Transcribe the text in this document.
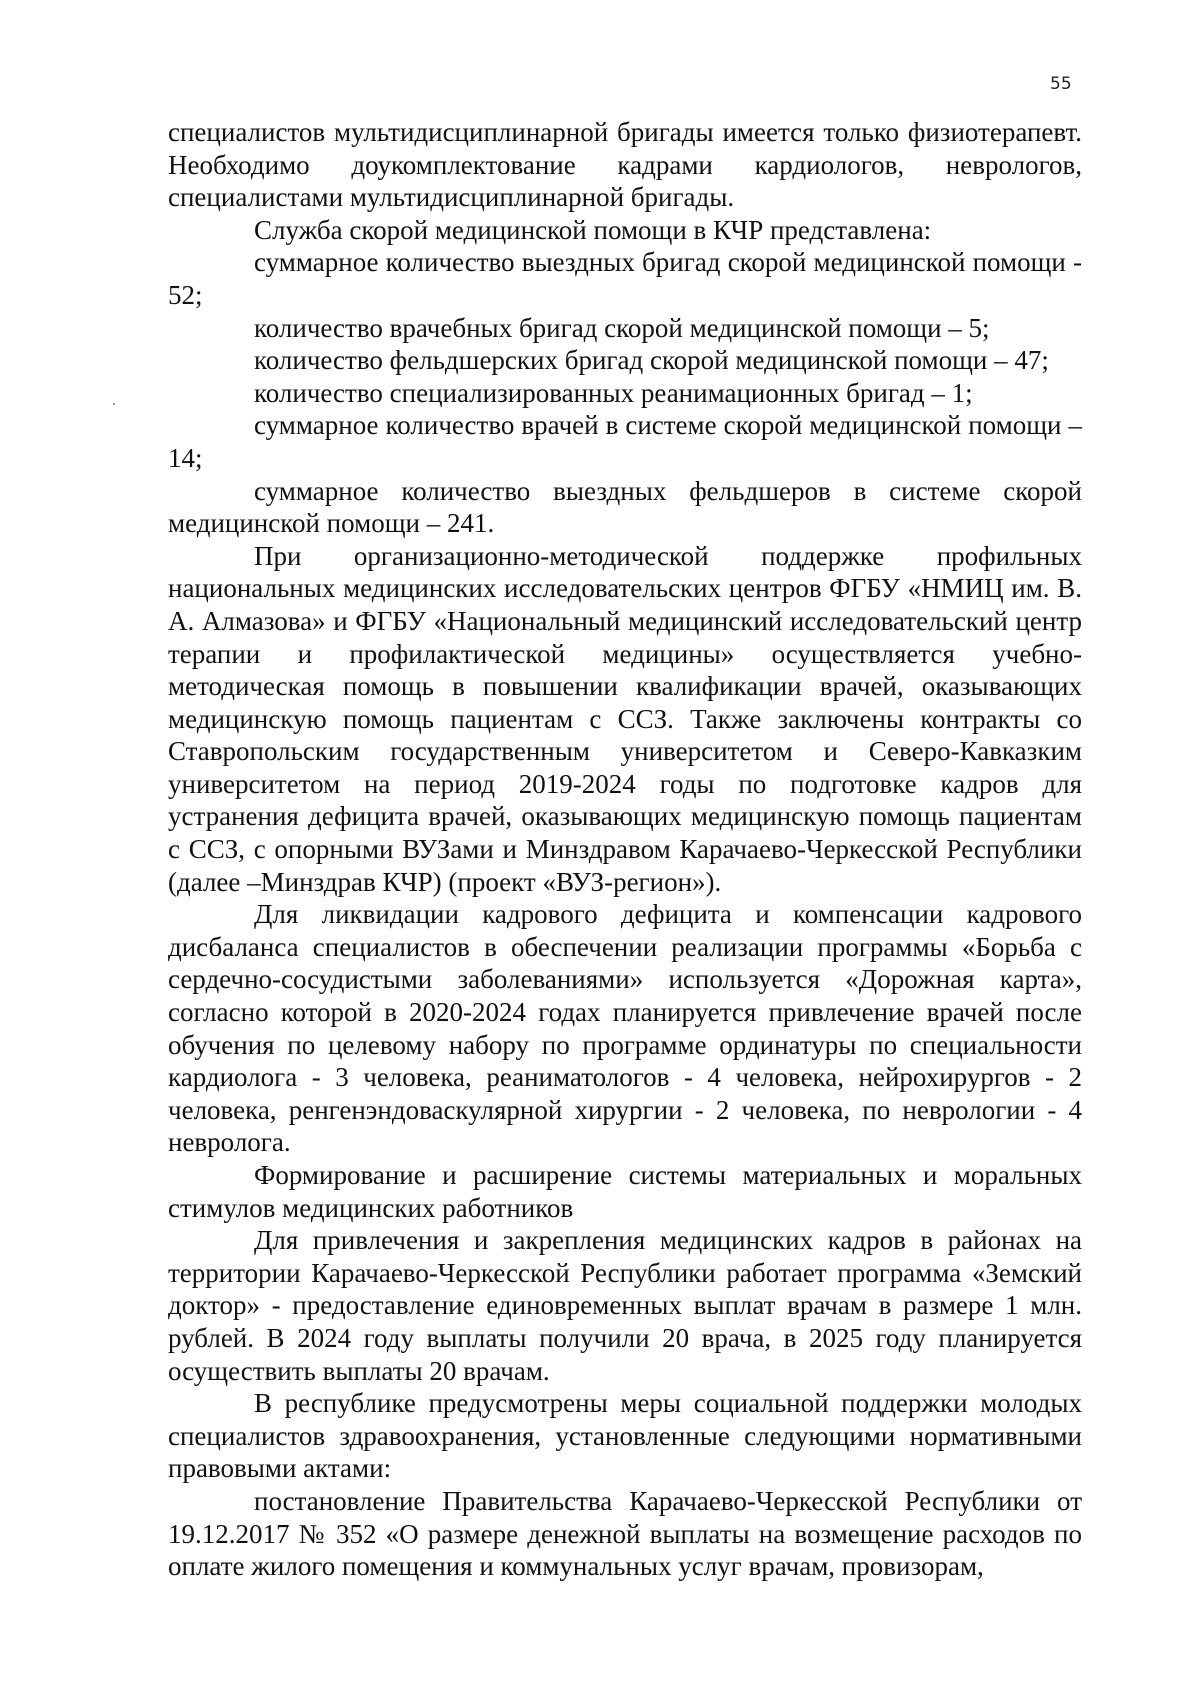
55

специалистов мультидисциплинарной бригады имеется только физиотерапевт. Необходимо доукомплектование кадрами кардиологов, неврологов, специалистами мультидисциплинарной бригады.

Служба скорой медицинской помощи в КЧР представлена:

суммарное количество выездных бригад скорой медицинской помощи - 52;

количество врачебных бригад скорой медицинской помощи – 5;

количество фельдшерских бригад скорой медицинской помощи – 47;

количество специализированных реанимационных бригад – 1;

суммарное количество врачей в системе скорой медицинской помощи – 14;

суммарное количество выездных фельдшеров в системе скорой медицинской помощи – 241.

При организационно-методической поддержке профильных национальных медицинских исследовательских центров ФГБУ «НМИЦ им. В. А. Алмазова» и ФГБУ «Национальный медицинский исследовательский центр терапии и профилактической медицины» осуществляется учебно-методическая помощь в повышении квалификации врачей, оказывающих медицинскую помощь пациентам с ССЗ. Также заключены контракты со Ставропольским государственным университетом и Северо-Кавказким университетом на период 2019-2024 годы по подготовке кадров для устранения дефицита врачей, оказывающих медицинскую помощь пациентам с ССЗ, с опорными ВУЗами и Минздравом Карачаево-Черкесской Республики (далее –Минздрав КЧР) (проект «ВУЗ-регион»).

Для ликвидации кадрового дефицита и компенсации кадрового дисбаланса специалистов в обеспечении реализации программы «Борьба с сердечно-сосудистыми заболеваниями» используется «Дорожная карта», согласно которой в 2020-2024 годах планируется привлечение врачей после обучения по целевому набору по программе ординатуры по специальности кардиолога - 3 человека, реаниматологов - 4 человека, нейрохирургов - 2 человека, ренгенэндоваскулярной хирургии - 2 человека, по неврологии - 4 невролога.

Формирование и расширение системы материальных и моральных стимулов медицинских работников

Для привлечения и закрепления медицинских кадров в районах на территории Карачаево-Черкесской Республики работает программа «Земский доктор» - предоставление единовременных выплат врачам в размере 1 млн. рублей. В 2024 году выплаты получили 20 врача, в 2025 году планируется осуществить выплаты 20 врачам.

В республике предусмотрены меры социальной поддержки молодых специалистов здравоохранения, установленные следующими нормативными правовыми актами:

постановление Правительства Карачаево-Черкесской Республики от 19.12.2017 № 352 «О размере денежной выплаты на возмещение расходов по оплате жилого помещения и коммунальных услуг врачам, провизорам,
